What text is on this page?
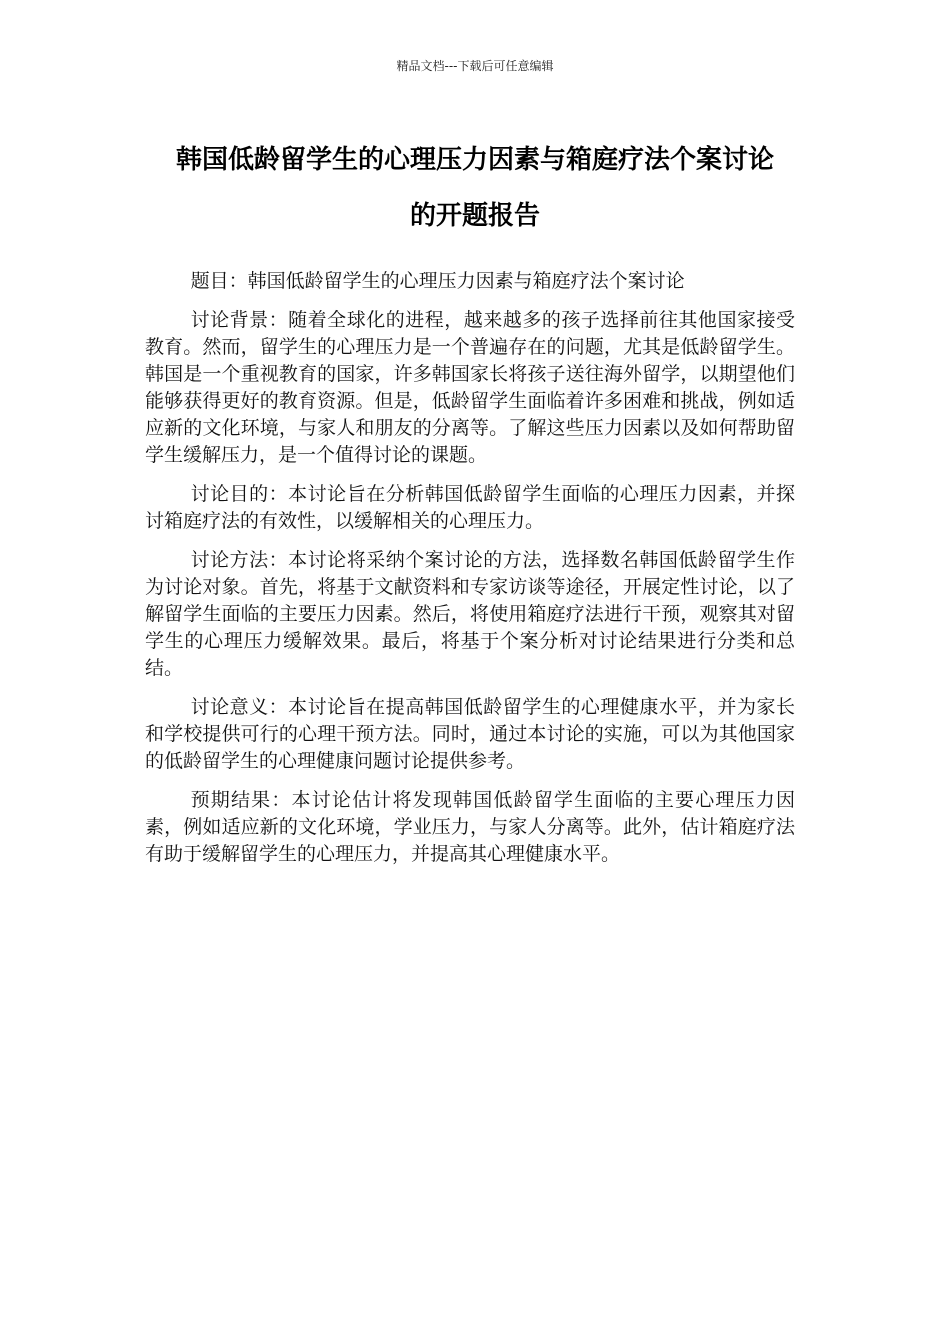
精品文档---下载后可任意编辑
韩国低龄留学生的心理压力因素与箱庭疗法个案讨论
的开题报告

题目：韩国低龄留学生的心理压力因素与箱庭疗法个案讨论

讨论背景：随着全球化的进程，越来越多的孩子选择前往其他国家接受教育。然而，留学生的心理压力是一个普遍存在的问题，尤其是低龄留学生。韩国是一个重视教育的国家，许多韩国家长将孩子送往海外留学，以期望他们能够获得更好的教育资源。但是，低龄留学生面临着许多困难和挑战，例如适应新的文化环境，与家人和朋友的分离等。了解这些压力因素以及如何帮助留学生缓解压力，是一个值得讨论的课题。

讨论目的：本讨论旨在分析韩国低龄留学生面临的心理压力因素，并探讨箱庭疗法的有效性，以缓解相关的心理压力。

讨论方法：本讨论将采纳个案讨论的方法，选择数名韩国低龄留学生作为讨论对象。首先，将基于文献资料和专家访谈等途径，开展定性讨论，以了解留学生面临的主要压力因素。然后，将使用箱庭疗法进行干预，观察其对留学生的心理压力缓解效果。最后，将基于个案分析对讨论结果进行分类和总结。

讨论意义：本讨论旨在提高韩国低龄留学生的心理健康水平，并为家长和学校提供可行的心理干预方法。同时，通过本讨论的实施，可以为其他国家的低龄留学生的心理健康问题讨论提供参考。

预期结果：本讨论估计将发现韩国低龄留学生面临的主要心理压力因素，例如适应新的文化环境，学业压力，与家人分离等。此外，估计箱庭疗法有助于缓解留学生的心理压力，并提高其心理健康水平。
